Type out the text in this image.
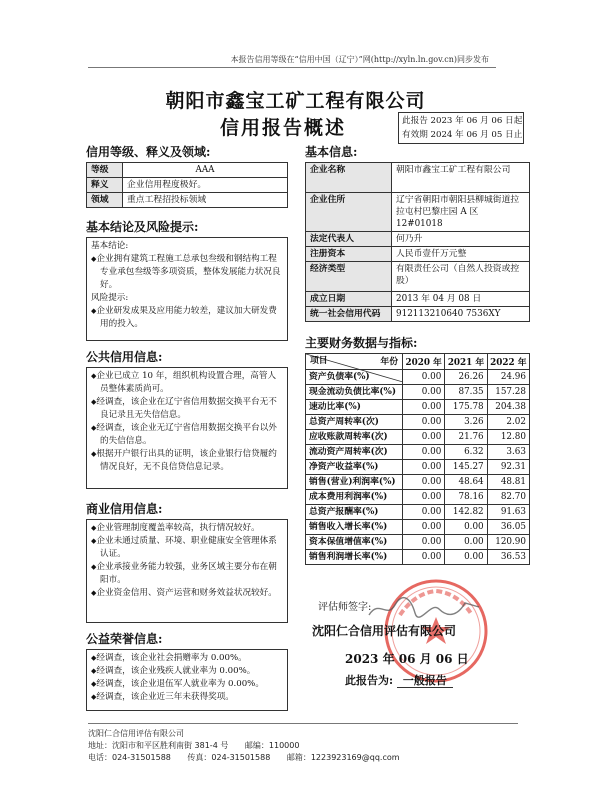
本报告信用等级在“信用中国（辽宁）”网(http://xyln.ln.gov.cn)同步发布
朝阳市鑫宝工矿工程有限公司
信用报告概述	此报告 2023 年 06 月 06 日起
有效期 2024 年 06 月 05 日止
信用等级、释义及领域:
等级	AAA
释义	企业信用程度极好。
领域	重点工程招投标领域
基本结论及风险提示:
基本结论:
◆企业拥有建筑工程施工总承包叁级和钢结构工程专业承包叁级等多项资质，整体发展能力状况良好。
风险提示:
◆企业研发成果及应用能力较差，建议加大研发费用的投入。
公共信用信息:
◆企业已成立 10 年，组织机构设置合理，高管人员整体素质尚可。
◆经调查，该企业在辽宁省信用数据交换平台无不良记录且无失信信息。
◆经调查，该企业无辽宁省信用数据交换平台以外的失信信息。
◆根据开户银行出具的证明，该企业银行信贷履约情况良好，无不良信贷信息记录。
商业信用信息:
◆企业管理制度覆盖率较高，执行情况较好。
◆企业未通过质量、环境、职业健康安全管理体系认证。
◆企业承接业务能力较强，业务区域主要分布在朝阳市。
◆企业资金信用、资产运营和财务效益状况较好。
公益荣誉信息:
◆经调查，该企业社会捐赠率为 0.00%。
◆经调查，该企业残疾人就业率为 0.00%。
◆经调查，该企业退伍军人就业率为 0.00%。
◆经调查，该企业近三年未获得奖项。
基本信息:
企业名称	朝阳市鑫宝工矿工程有限公司
企业住所	辽宁省朝阳市朝阳县柳城街道拉拉屯村巴黎庄园 A 区 12#01018
法定代表人	何乃升
注册资本	人民币壹仟万元整
经济类型	有限责任公司（自然人投资或控股）
成立日期	2013 年 04 月 08 日
统一社会信用代码	912113210640 7536XY
主要财务数据与指标:
年份
项目	2020 年	2021 年	2022 年
资产负债率(%)	0.00	26.26	24.96
现金流动负债比率(%)	0.00	87.35	157.28
速动比率(%)	0.00	175.78	204.38
总资产周转率(次)	0.00	3.26	2.02
应收账款周转率(次)	0.00	21.76	12.80
流动资产周转率(次)	0.00	6.32	3.63
净资产收益率(%)	0.00	145.27	92.31
销售(营业)利润率(%)	0.00	48.64	48.81
成本费用利润率(%)	0.00	78.16	82.70
总资产报酬率(%)	0.00	142.82	91.63
销售收入增长率(%)	0.00	0.00	36.05
资本保值增值率(%)	0.00	0.00	120.90
销售利润增长率(%)	0.00	0.00	36.53
评估师签字:
沈阳仁合信用评估有限公司
2023 年 06 月 06 日
此报告为: 一般报告
沈阳仁合信用评估有限公司
地址：沈阳市和平区胜利南街 381-4 号 邮编：110000
电话：024-31501588 传真：024-31501588 邮箱：1223923169@qq.com
